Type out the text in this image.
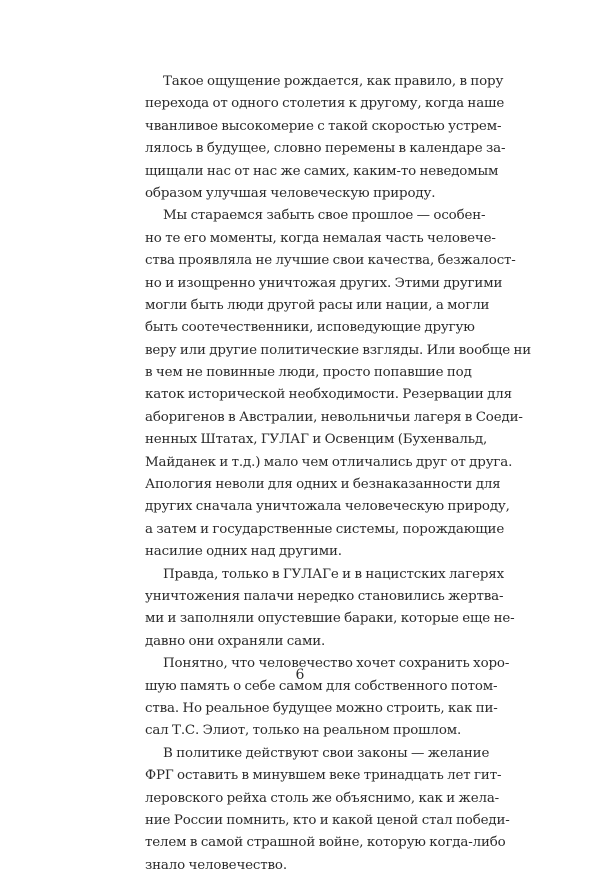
Такое ощущение рождается, как правило, в пору
перехода от одного столетия к другому, когда наше
чванливое высокомерие с такой скоростью устрем-
лялось в будущее, словно перемены в календаре за-
щищали нас от нас же самих, каким-то неведомым
образом улучшая человеческую природу.
Мы стараемся забыть свое прошлое — особен-
но те его моменты, когда немалая часть человече-
ства проявляла не лучшие свои качества, безжалост-
но и изощренно уничтожая других. Этими другими
могли быть люди другой расы или нации, а могли
быть соотечественники, исповедующие другую
веру или другие политические взгляды. Или вообще ни
в чем не повинные люди, просто попавшие под
каток исторической необходимости. Резервации для
аборигенов в Австралии, невольничьи лагеря в Соеди-
ненных Штатах, ГУЛАГ и Освенцим (Бухенвальд,
Майданек и т.д.) мало чем отличались друг от друга.
Апология неволи для одних и безнаказанности для
других сначала уничтожала человеческую природу,
а затем и государственные системы, порождающие
насилие одних над другими.
Правда, только в ГУЛАГе и в нацистских лагерях
уничтожения палачи нередко становились жертва-
ми и заполняли опустевшие бараки, которые еще не-
давно они охраняли сами.
Понятно, что человечество хочет сохранить хоро-
шую память о себе самом для собственного потом-
ства. Но реальное будущее можно строить, как пи-
сал Т.С. Элиот, только на реальном прошлом.
В политике действуют свои законы — желание
ФРГ оставить в минувшем веке тринадцать лет гит-
леровского рейха столь же объяснимо, как и жела-
ние России помнить, кто и какой ценой стал победи-
телем в самой страшной войне, которую когда-либо
знало человечество.
6
